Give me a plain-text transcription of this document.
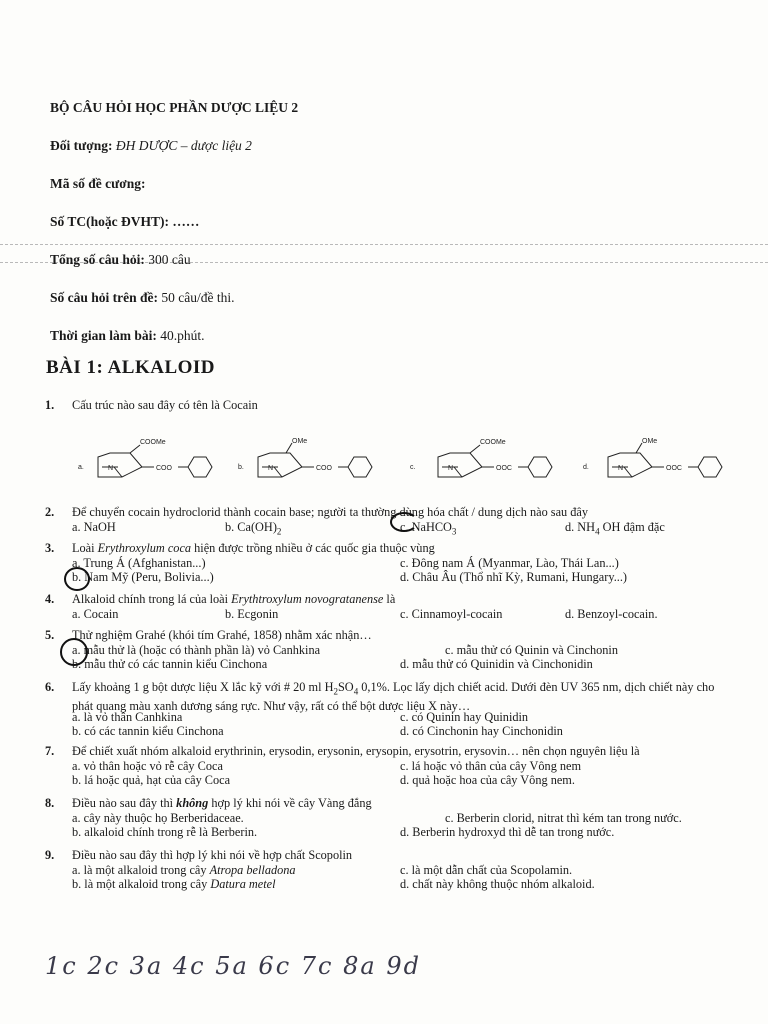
BỘ CÂU HỎI HỌC PHẦN DƯỢC LIỆU 2
Đối tượng: ĐH DƯỢC – dược liệu 2
Mã số đề cương:
Số TC(hoặc ĐVHT): ……
Tổng số câu hỏi: 300 câu
Số câu hỏi trên đề: 50 câu/đề thi.
Thời gian làm bài: 40.phút.
BÀI 1: ALKALOID
1. Cấu trúc nào sau đây có tên là Cocain
a.
COOMe
COO
N	b.
OMe
COO
N	c.
COOMe
OOC
N	d.
OMe
OOC
N
2. Để chuyển cocain hydroclorid thành cocain base; người ta thường dùng hóa chất / dung dịch nào sau đây
a. NaOH	b. $Ca(OH)_2$	c. NaHCO$_3$	d. $NH_4$ OH đậm đặc
3. Loài Erythroxylum coca hiện được trồng nhiều ở các quốc gia thuộc vùng
a. Trung Á (Afghanistan...)
b. Nam Mỹ (Peru, Bolivia...)
c. Đông nam Á (Myanmar, Lào, Thái Lan...)
d. Châu Âu (Thổ nhĩ Kỳ, Rumani, Hungary...)
4. Alkaloid chính trong lá của loài Erythtroxylum novogratanense là
a. Cocain	b. Ecgonin	c. Cinnamoyl-cocain	d. Benzoyl-cocain.
5. Thử nghiệm Grahé (khói tím Grahé, 1858) nhằm xác nhận…
a. mẫu thử là (hoặc có thành phần là) vỏ Canhkina
b. mẫu thử có các tannin kiểu Cinchona
c. mẫu thử có Quinin và Cinchonin
d. mẫu thử có Quinidin và Cinchonidin
6. Lấy khoảng 1 g bột dược liệu X lắc kỹ với # 20 ml $H_2SO_4$ 0,1%. Lọc lấy dịch chiết acid. Dưới đèn UV 365 nm, dịch chiết này cho phát quang màu xanh dương sáng rực. Như vậy, rất có thể bột dược liệu X này…
a. là vỏ thân Canhkina
b. có các tannin kiểu Cinchona
c. có Quinin hay Quinidin
d. có Cinchonin hay Cinchonidin
7. Để chiết xuất nhóm alkaloid erythrinin, erysodin, erysonin, erysopin, erysotrin, erysovin… nên chọn nguyên liệu là
a. vỏ thân hoặc vỏ rễ cây Coca
b. lá hoặc quả, hạt của cây Coca
c. lá hoặc vỏ thân của cây Vông nem
d. quả hoặc hoa của cây Vông nem.
8. Điều nào sau đây thì không hợp lý khi nói về cây Vàng đắng
a. cây này thuộc họ Berberidaceae.
b. alkaloid chính trong rễ là Berberin.
c. Berberin clorid, nitrat thì kém tan trong nước.
d. Berberin hydroxyd thì dễ tan trong nước.
9. Điều nào sau đây thì hợp lý khi nói về hợp chất Scopolin
a. là một alkaloid trong cây Atropa belladona
b. là một alkaloid trong cây Datura metel
c. là một dẫn chất của Scopolamin.
d. chất này không thuộc nhóm alkaloid.
1c 2c 3a 4c 5a 6c 7c 8a 9d
